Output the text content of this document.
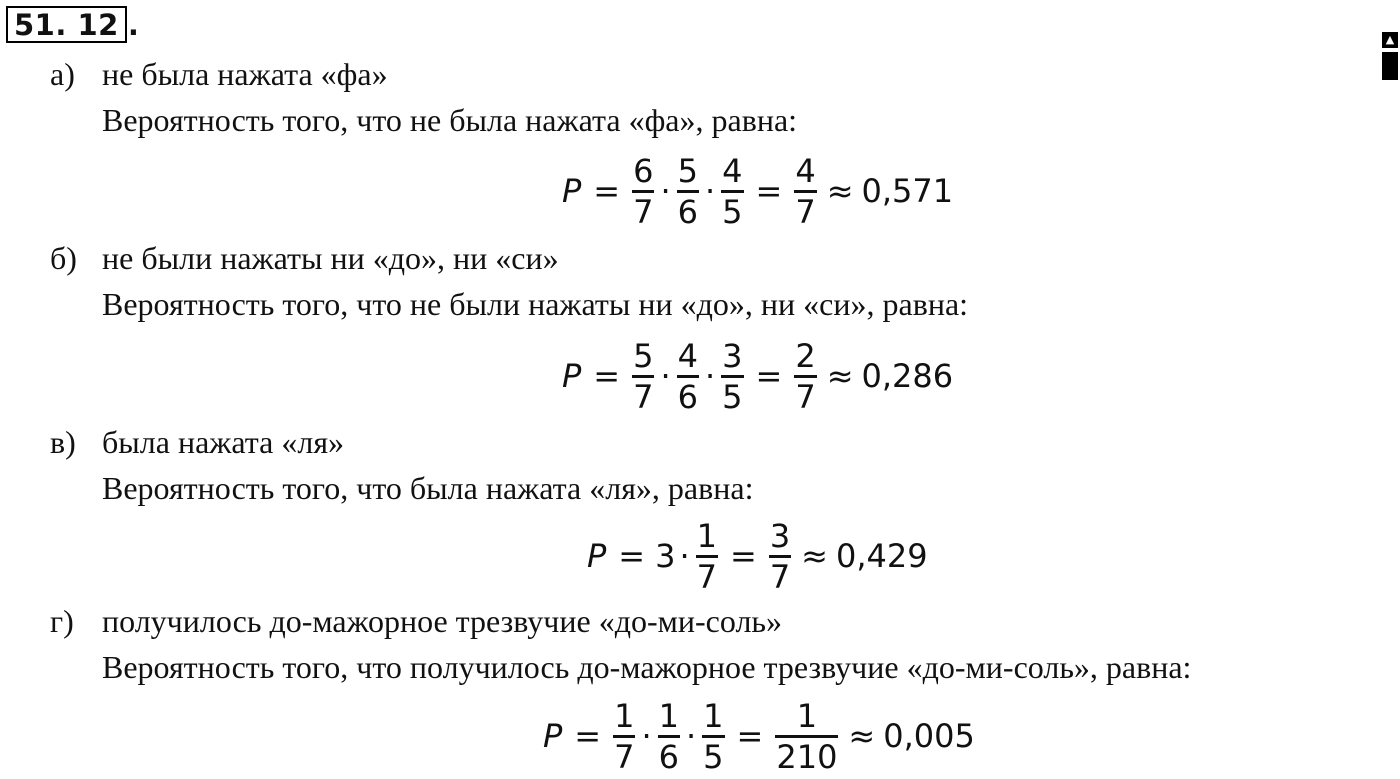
51. 12 .
а) не была нажата «фа»
Вероятность того, что не была нажата «фа», равна:
$P = \frac{6}{7} \cdot \frac{5}{6} \cdot \frac{4}{5} = \frac{4}{7} \approx 0,571$
б) не были нажаты ни «до», ни «си»
Вероятность того, что не были нажаты ни «до», ни «си», равна:
$P = \frac{5}{7} \cdot \frac{4}{6} \cdot \frac{3}{5} = \frac{2}{7} \approx 0,286$
в) была нажата «ля»
Вероятность того, что была нажата «ля», равна:
$P = 3 \cdot \frac{1}{7} = \frac{3}{7} \approx 0,429$
г) получилось до-мажорное трезвучие «до-ми-соль»
Вероятность того, что получилось до-мажорное трезвучие «до-ми-соль», равна:
$P = \frac{1}{7} \cdot \frac{1}{6} \cdot \frac{1}{5} = \frac{1}{210} \approx 0,005$
▲
